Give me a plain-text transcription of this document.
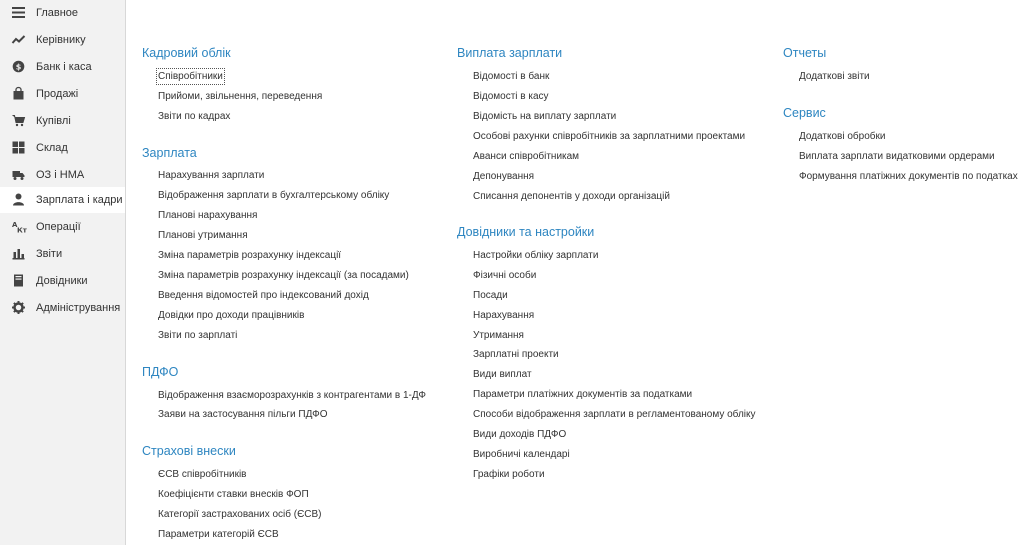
Главное
Керівнику
$ Банк і каса
Продажі
Купівлі
Склад
ОЗ і НМА
Зарплата і кадри
A
Кт Операції
Звіти
Довідники
Адміністрування
Кадровий облік
Співробітники
Прийоми, звільнення, переведення
Звіти по кадрах
Зарплата
Нарахування зарплати
Відображення зарплати в бухгалтерському обліку
Планові нарахування
Планові утримання
Зміна параметрів розрахунку індексації
Зміна параметрів розрахунку індексації (за посадами)
Введення відомостей про індексований дохід
Довідки про доходи працівників
Звіти по зарплаті
ПДФО
Відображення взаєморозрахунків з контрагентами в 1-ДФ
Заяви на застосування пільги ПДФО
Страхові внески
ЄСВ співробітників
Коефіцієнти ставки внесків ФОП
Категорії застрахованих осіб (ЄСВ)
Параметри категорій ЄСВ
Виплата зарплати
Відомості в банк
Відомості в касу
Відомість на виплату зарплати
Особові рахунки співробітників за зарплатними проектами
Аванси співробітникам
Депонування
Списання депонентів у доходи організацій
Довідники та настройки
Настройки обліку зарплати
Фізичні особи
Посади
Нарахування
Утримання
Зарплатні проекти
Види виплат
Параметри платіжних документів за податками
Способи відображення зарплати в регламентованому обліку
Види доходів ПДФО
Виробничі календарі
Графіки роботи
Отчеты
Додаткові звіти
Сервис
Додаткові обробки
Виплата зарплати видатковими ордерами
Формування платіжних документів по податках
